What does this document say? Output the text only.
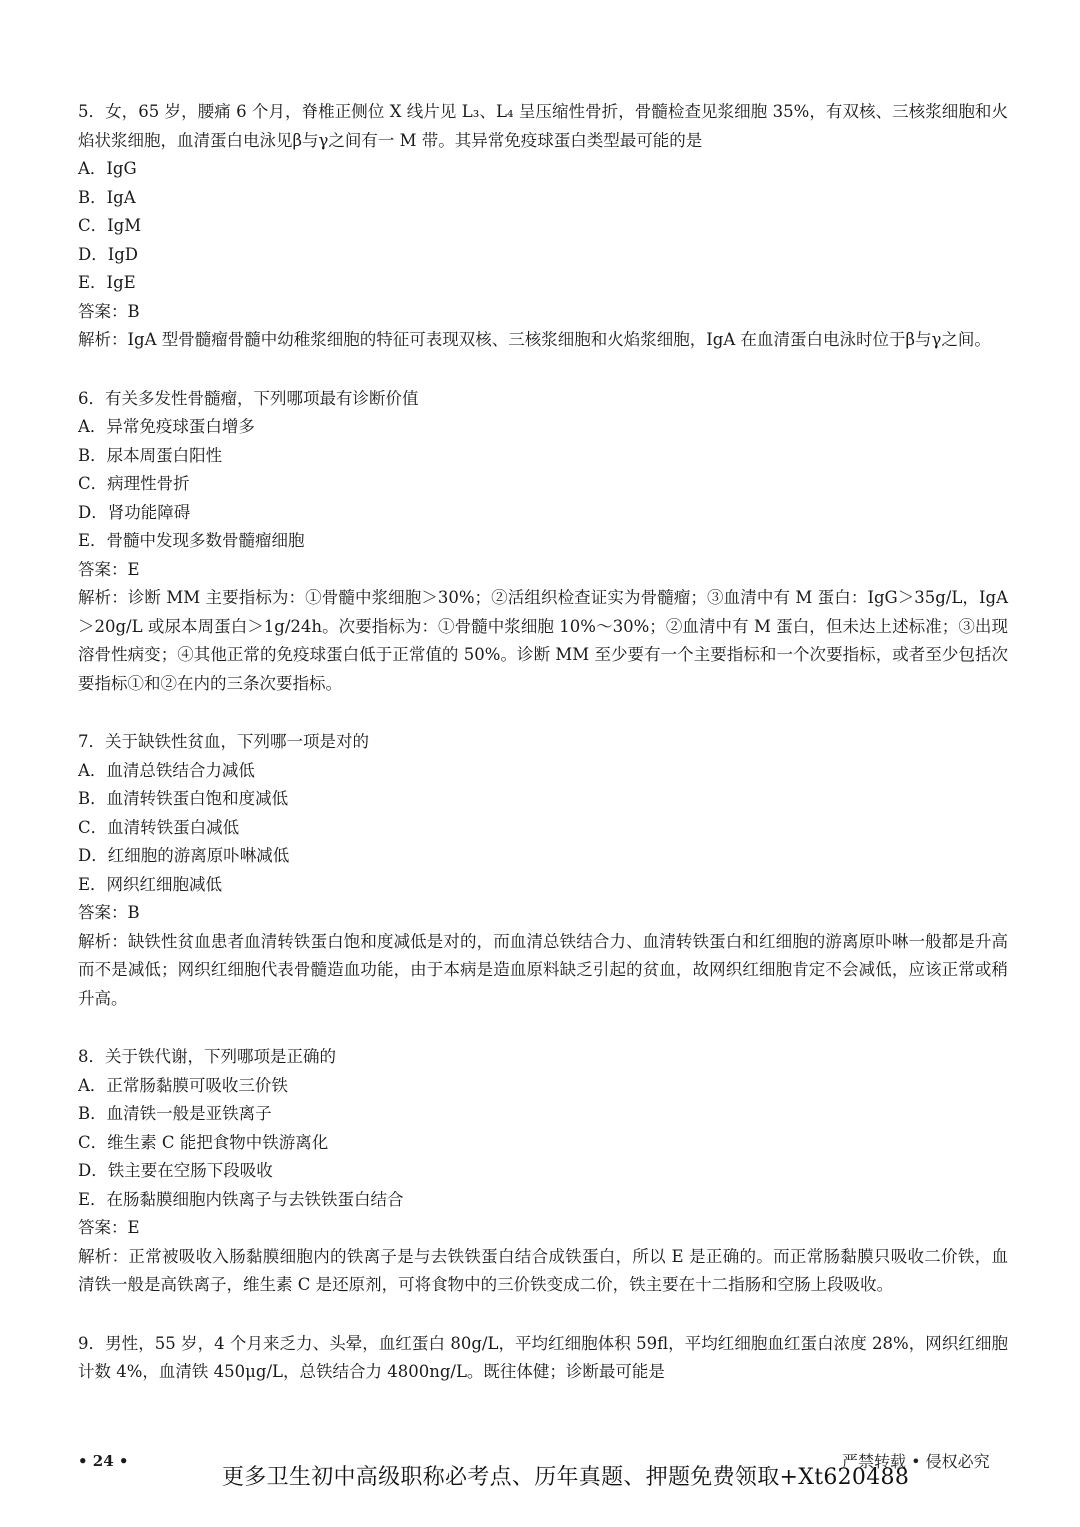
5．女，65 岁，腰痛 6 个月，脊椎正侧位 X 线片见 L₃、L₄ 呈压缩性骨折，骨髓检查见浆细胞 35%，有双核、三核浆细胞和火焰状浆细胞，血清蛋白电泳见β与γ之间有一 M 带。其异常免疫球蛋白类型最可能的是

A．IgG

B．IgA

C．IgM

D．IgD

E．IgE

答案：B

解析：IgA 型骨髓瘤骨髓中幼稚浆细胞的特征可表现双核、三核浆细胞和火焰浆细胞，IgA 在血清蛋白电泳时位于β与γ之间。

6．有关多发性骨髓瘤，下列哪项最有诊断价值

A．异常免疫球蛋白增多

B．尿本周蛋白阳性

C．病理性骨折

D．肾功能障碍

E．骨髓中发现多数骨髓瘤细胞

答案：E

解析：诊断 MM 主要指标为：①骨髓中浆细胞＞30%；②活组织检查证实为骨髓瘤；③血清中有 M 蛋白：IgG＞35g/L，IgA＞20g/L 或尿本周蛋白＞1g/24h。次要指标为：①骨髓中浆细胞 10%～30%；②血清中有 M 蛋白，但未达上述标准；③出现溶骨性病变；④其他正常的免疫球蛋白低于正常值的 50%。诊断 MM 至少要有一个主要指标和一个次要指标，或者至少包括次要指标①和②在内的三条次要指标。

7．关于缺铁性贫血，下列哪一项是对的

A．血清总铁结合力减低

B．血清转铁蛋白饱和度减低

C．血清转铁蛋白减低

D．红细胞的游离原卟啉减低

E．网织红细胞减低

答案：B

解析：缺铁性贫血患者血清转铁蛋白饱和度减低是对的，而血清总铁结合力、血清转铁蛋白和红细胞的游离原卟啉一般都是升高而不是减低；网织红细胞代表骨髓造血功能，由于本病是造血原料缺乏引起的贫血，故网织红细胞肯定不会减低，应该正常或稍升高。

8．关于铁代谢，下列哪项是正确的

A．正常肠黏膜可吸收三价铁

B．血清铁一般是亚铁离子

C．维生素 C 能把食物中铁游离化

D．铁主要在空肠下段吸收

E．在肠黏膜细胞内铁离子与去铁铁蛋白结合

答案：E

解析：正常被吸收入肠黏膜细胞内的铁离子是与去铁铁蛋白结合成铁蛋白，所以 E 是正确的。而正常肠黏膜只吸收二价铁，血清铁一般是高铁离子，维生素 C 是还原剂，可将食物中的三价铁变成二价，铁主要在十二指肠和空肠上段吸收。

9．男性，55 岁，4 个月来乏力、头晕，血红蛋白 80g/L，平均红细胞体积 59fl，平均红细胞血红蛋白浓度 28%，网织红细胞计数 4%，血清铁 450μg/L，总铁结合力 4800ng/L。既往体健；诊断最可能是

• 24 •
更多卫生初中高级职称必考点、历年真题、押题免费领取+Xt620488
严禁转载 • 侵权必究
